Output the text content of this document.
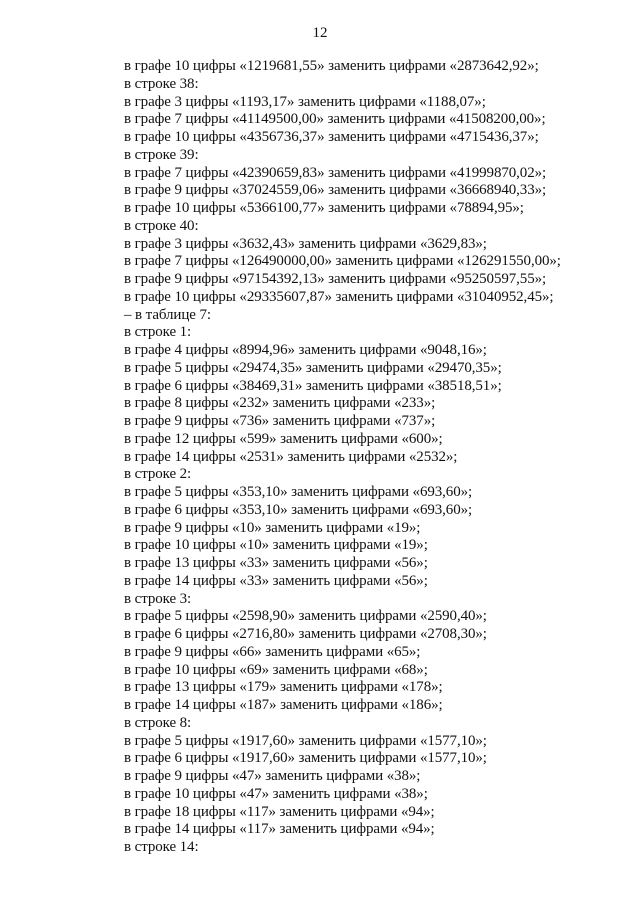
12
в графе 10 цифры «1219681,55» заменить цифрами «2873642,92»;
в строке 38:
в графе 3 цифры «1193,17» заменить цифрами «1188,07»;
в графе 7 цифры «41149500,00» заменить цифрами «41508200,00»;
в графе 10 цифры «4356736,37» заменить цифрами «4715436,37»;
в строке 39:
в графе 7 цифры «42390659,83» заменить цифрами «41999870,02»;
в графе 9 цифры «37024559,06» заменить цифрами «36668940,33»;
в графе 10 цифры «5366100,77» заменить цифрами «78894,95»;
в строке 40:
в графе 3 цифры «3632,43» заменить цифрами «3629,83»;
в графе 7 цифры «126490000,00» заменить цифрами «126291550,00»;
в графе 9 цифры «97154392,13» заменить цифрами «95250597,55»;
в графе 10 цифры «29335607,87» заменить цифрами «31040952,45»;
– в таблице 7:
в строке 1:
в графе 4 цифры «8994,96» заменить цифрами «9048,16»;
в графе 5 цифры «29474,35» заменить цифрами «29470,35»;
в графе 6 цифры «38469,31» заменить цифрами «38518,51»;
в графе 8 цифры «232» заменить цифрами «233»;
в графе 9 цифры «736» заменить цифрами «737»;
в графе 12 цифры «599» заменить цифрами «600»;
в графе 14 цифры «2531» заменить цифрами «2532»;
в строке 2:
в графе 5 цифры «353,10» заменить цифрами «693,60»;
в графе 6 цифры «353,10» заменить цифрами «693,60»;
в графе 9 цифры «10» заменить цифрами «19»;
в графе 10 цифры «10» заменить цифрами «19»;
в графе 13 цифры «33» заменить цифрами «56»;
в графе 14 цифры «33» заменить цифрами «56»;
в строке 3:
в графе 5 цифры «2598,90» заменить цифрами «2590,40»;
в графе 6 цифры «2716,80» заменить цифрами «2708,30»;
в графе 9 цифры «66» заменить цифрами «65»;
в графе 10 цифры «69» заменить цифрами «68»;
в графе 13 цифры «179» заменить цифрами «178»;
в графе 14 цифры «187» заменить цифрами «186»;
в строке 8:
в графе 5 цифры «1917,60» заменить цифрами «1577,10»;
в графе 6 цифры «1917,60» заменить цифрами «1577,10»;
в графе 9 цифры «47» заменить цифрами «38»;
в графе 10 цифры «47» заменить цифрами «38»;
в графе 18 цифры «117» заменить цифрами «94»;
в графе 14 цифры «117» заменить цифрами «94»;
в строке 14:
